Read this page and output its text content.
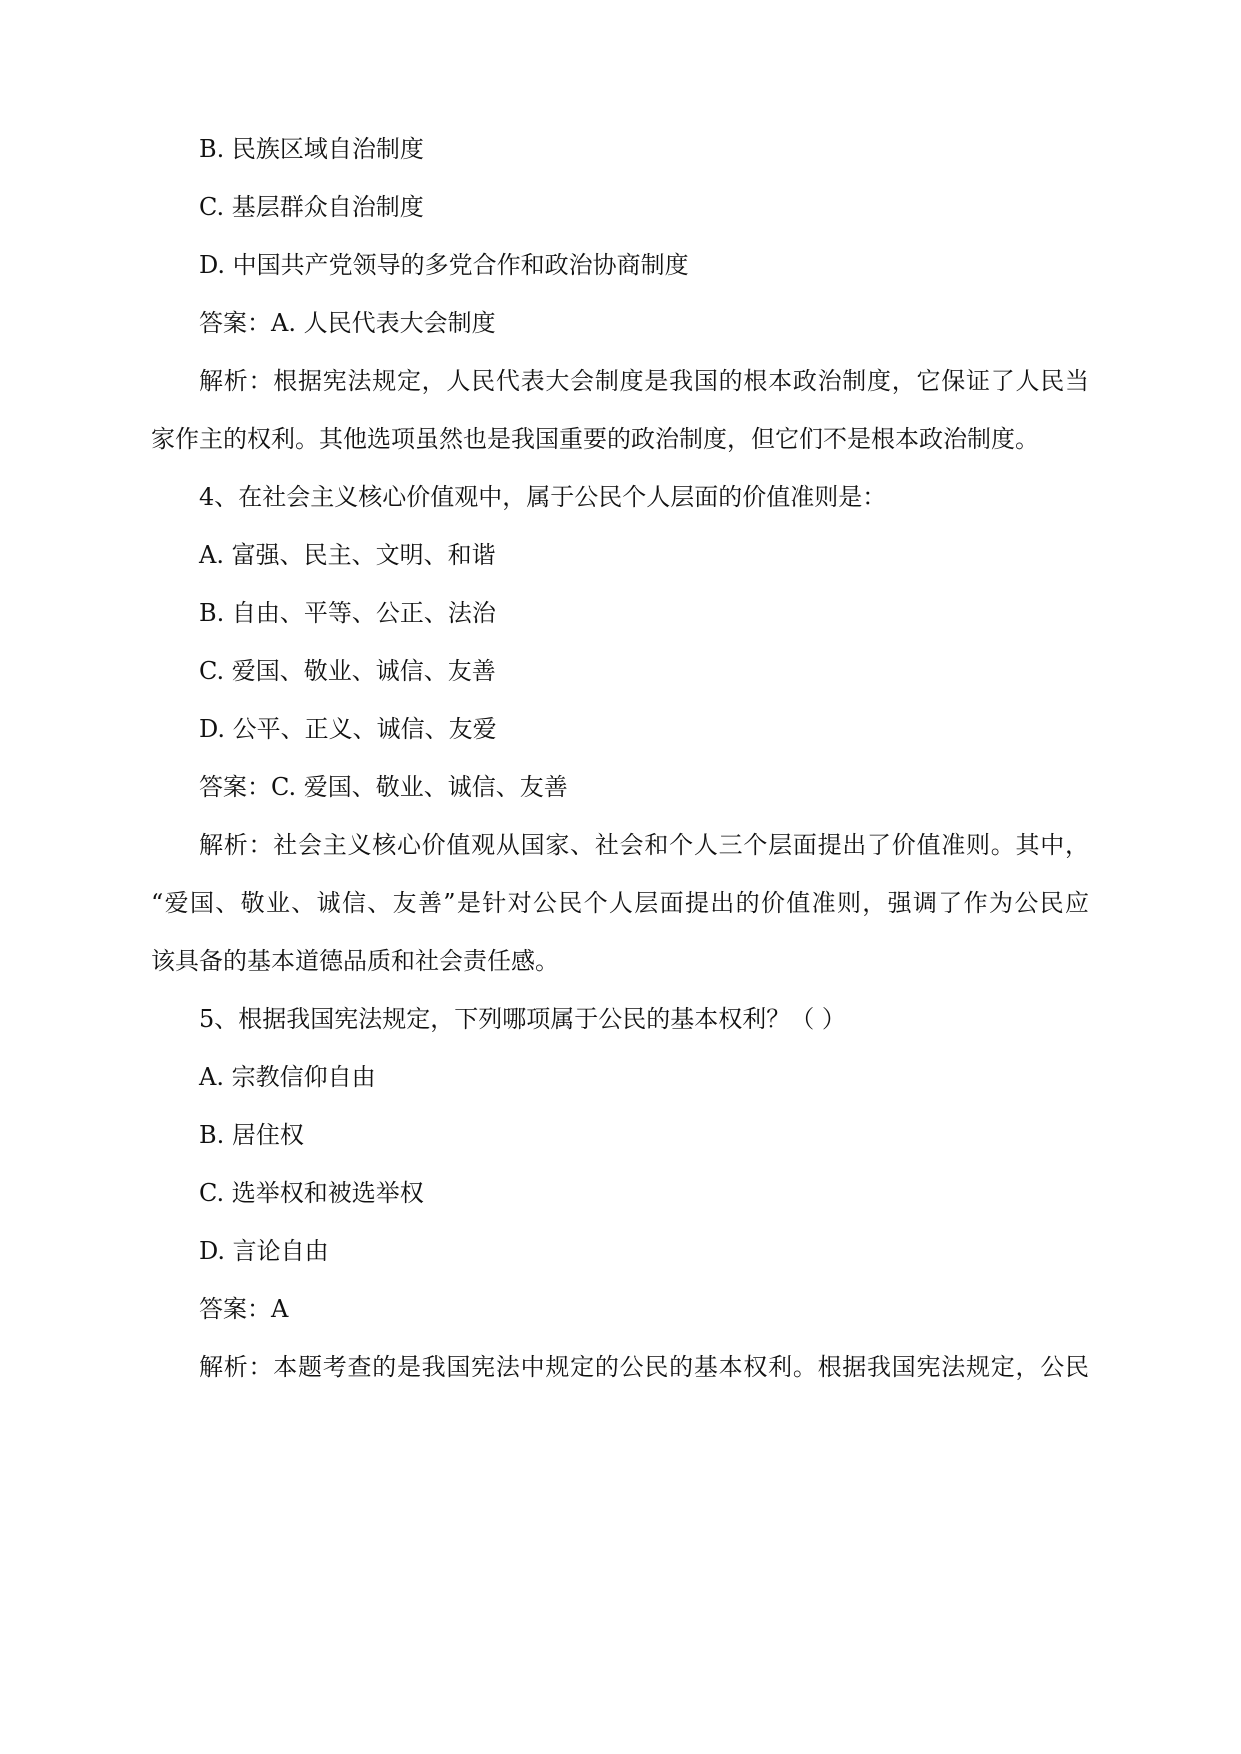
B. 民族区域自治制度
C. 基层群众自治制度
D. 中国共产党领导的多党合作和政治协商制度
答案：A. 人民代表大会制度
解析：根据宪法规定，人民代表大会制度是我国的根本政治制度，它保证了人民当
家作主的权利。其他选项虽然也是我国重要的政治制度，但它们不是根本政治制度。
4、在社会主义核心价值观中，属于公民个人层面的价值准则是：
A. 富强、民主、文明、和谐
B. 自由、平等、公正、法治
C. 爱国、敬业、诚信、友善
D. 公平、正义、诚信、友爱
答案：C. 爱国、敬业、诚信、友善
解析：社会主义核心价值观从国家、社会和个人三个层面提出了价值准则。其中，
“爱国、敬业、诚信、友善”是针对公民个人层面提出的价值准则，强调了作为公民应
该具备的基本道德品质和社会责任感。
5、根据我国宪法规定，下列哪项属于公民的基本权利？（ ）
A. 宗教信仰自由
B. 居住权
C. 选举权和被选举权
D. 言论自由
答案：A
解析：本题考查的是我国宪法中规定的公民的基本权利。根据我国宪法规定，公民
